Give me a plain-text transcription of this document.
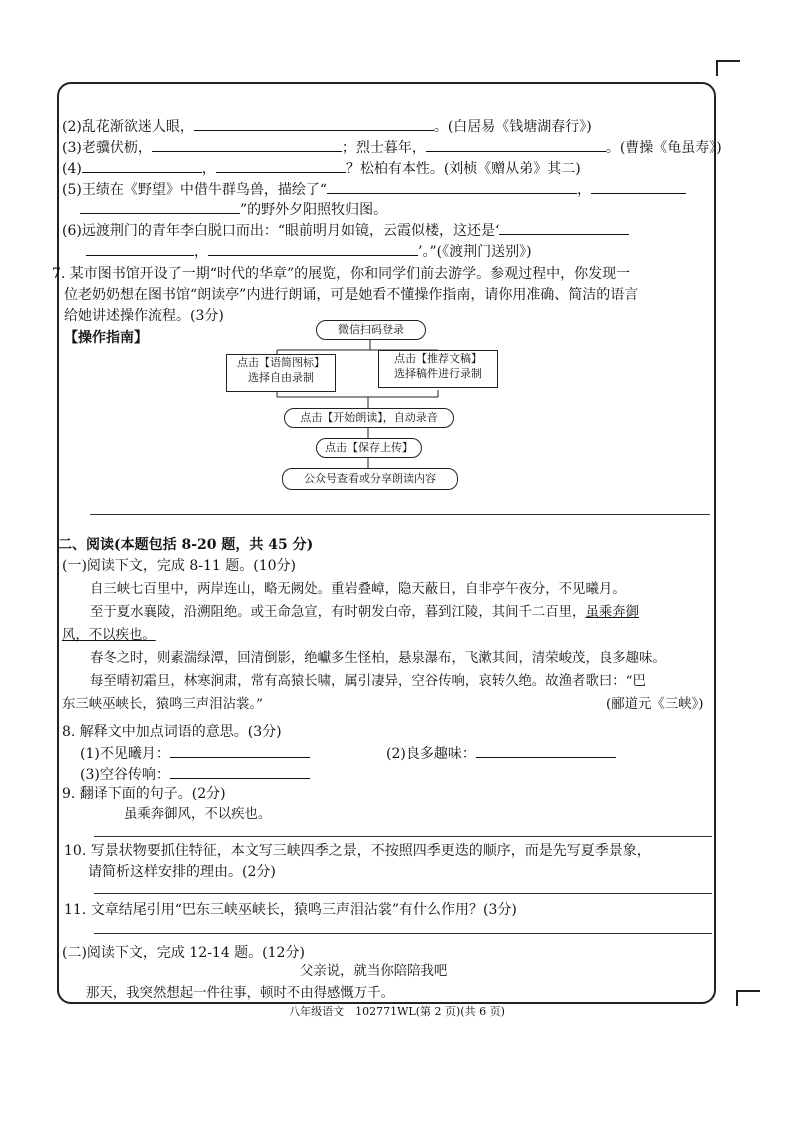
(2)乱花渐欲迷人眼，	。(白居易《钱塘湖春行》)
(3)老骥伏枥，	；烈士暮年，	。(曹操《龟虽寿》)
(4)	，	？松柏有本性。(刘桢《赠从弟》其二)
(5)王绩在《野望》中借牛群鸟兽，描绘了“	，
”的野外夕阳照牧归图。
(6)远渡荆门的青年李白脱口而出：“眼前明月如镜，云霞似楼，这还是‘
，	’。”(《渡荆门送别》)
7. 某市图书馆开设了一期“时代的华章”的展览，你和同学们前去游学。参观过程中，你发现一
位老奶奶想在图书馆“朗读亭”内进行朗诵，可是她看不懂操作指南，请你用准确、简洁的语言
给她讲述操作流程。(3分)
【操作指南】
微信扫码登录
点击【语简图标】
选择自由录制
点击【推荐文稿】
选择稿件进行录制
点击【开始朗读】，自动录音
点击【保存上传】
公众号查看或分享朗读内容
二、阅读(本题包括 8-20 题，共 45 分)
(一)阅读下文，完成 8-11 题。(10分)
自三峡七百里中，两岸连山，略无阙处。重岩叠嶂，隐天蔽日，自非亭午夜分，不见曦月。
至于夏水襄陵，沿溯阻绝。或王命急宣，有时朝发白帝，暮到江陵，其间千二百里，虽乘奔御
风，不以疾也。
春冬之时，则素湍绿潭，回清倒影，绝巘多生怪柏，悬泉瀑布，飞漱其间，清荣峻茂，良多趣味。
每至晴初霜旦，林寒涧肃，常有高猿长啸，属引凄异，空谷传响，哀转久绝。故渔者歌曰：“巴
东三峡巫峡长，猿鸣三声泪沾裳。”	(郦道元《三峡》)
8. 解释文中加点词语的意思。(3分)
(1)不见曦月：	(2)良多趣味：
(3)空谷传响：
9. 翻译下面的句子。(2分)
虽乘奔御风，不以疾也。
10. 写景状物要抓住特征，本文写三峡四季之景，不按照四季更迭的顺序，而是先写夏季景象，
请简析这样安排的理由。(2分)
11. 文章结尾引用“巴东三峡巫峡长，猿鸣三声泪沾裳”有什么作用？(3分)
(二)阅读下文，完成 12-14 题。(12分)
父亲说，就当你陪陪我吧
那天，我突然想起一件往事，顿时不由得感慨万千。
八年级语文　102771WL(第 2 页)(共 6 页)
